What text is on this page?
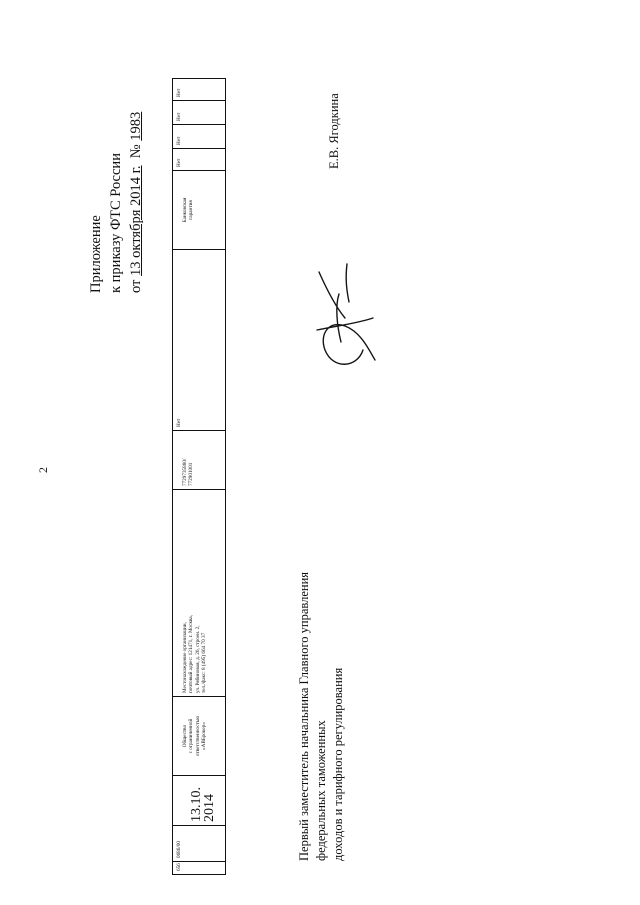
2
Приложение к приказу ФТС России от 13 октября 2014 г.  № 1983
656
0686/00

13.10.
2014

Общество
с ограниченной
ответственностью
«АВБрокер»

Местонахождение организации,
почтовый адрес: 121471, г. Москва,
ул. Рябиновая, д. 26, строен. 2,
тел./факс: 8 (495) 664 70 37

7729735880/
772901001

Нет

Банковская
гарантия

Нет
Нет
Нет
Нет
Первый заместитель начальника Главного управления федеральных таможенных доходов и тарифного регулирования
Е.В. Ягодкина
